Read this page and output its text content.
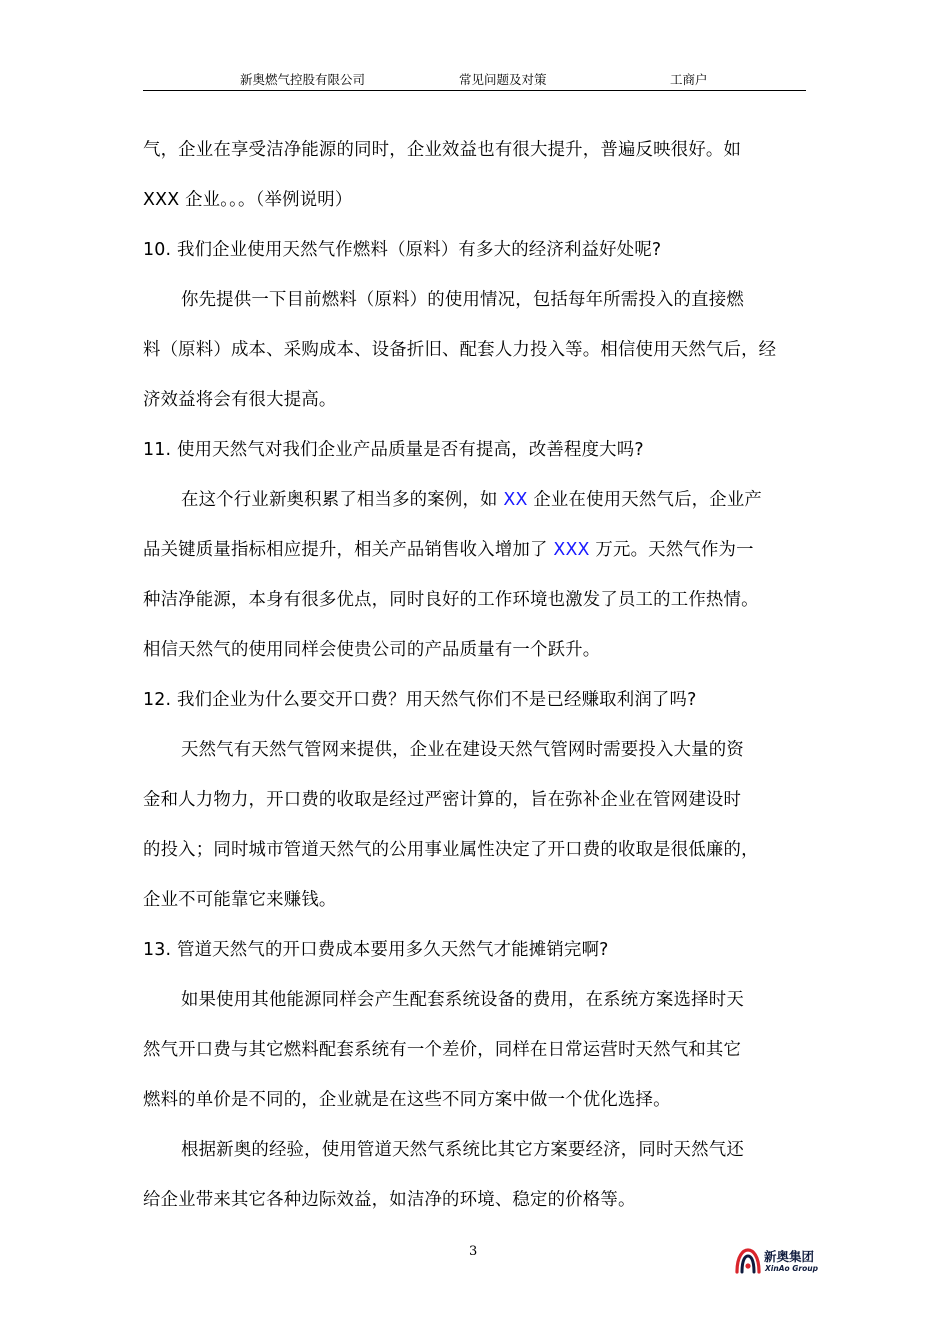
新奥燃气控股有限公司	常见问题及对策	工商户
气，企业在享受洁净能源的同时，企业效益也有很大提升，普遍反映很好。如
XXX 企业。。。（举例说明）
10. 我们企业使用天然气作燃料（原料）有多大的经济利益好处呢?
你先提供一下目前燃料（原料）的使用情况，包括每年所需投入的直接燃
料（原料）成本、采购成本、设备折旧、配套人力投入等。相信使用天然气后，经
济效益将会有很大提高。
11. 使用天然气对我们企业产品质量是否有提高，改善程度大吗?
在这个行业新奥积累了相当多的案例，如 XX 企业在使用天然气后，企业产
品关键质量指标相应提升，相关产品销售收入增加了 XXX 万元。天然气作为一
种洁净能源，本身有很多优点，同时良好的工作环境也激发了员工的工作热情。
相信天然气的使用同样会使贵公司的产品质量有一个跃升。
12. 我们企业为什么要交开口费？用天然气你们不是已经赚取利润了吗?
天然气有天然气管网来提供，企业在建设天然气管网时需要投入大量的资
金和人力物力，开口费的收取是经过严密计算的，旨在弥补企业在管网建设时
的投入；同时城市管道天然气的公用事业属性决定了开口费的收取是很低廉的，
企业不可能靠它来赚钱。
13. 管道天然气的开口费成本要用多久天然气才能摊销完啊?
如果使用其他能源同样会产生配套系统设备的费用，在系统方案选择时天
然气开口费与其它燃料配套系统有一个差价，同样在日常运营时天然气和其它
燃料的单价是不同的，企业就是在这些不同方案中做一个优化选择。
根据新奥的经验，使用管道天然气系统比其它方案要经济，同时天然气还
给企业带来其它各种边际效益，如洁净的环境、稳定的价格等。
3	新奥集团
XinAo Group
